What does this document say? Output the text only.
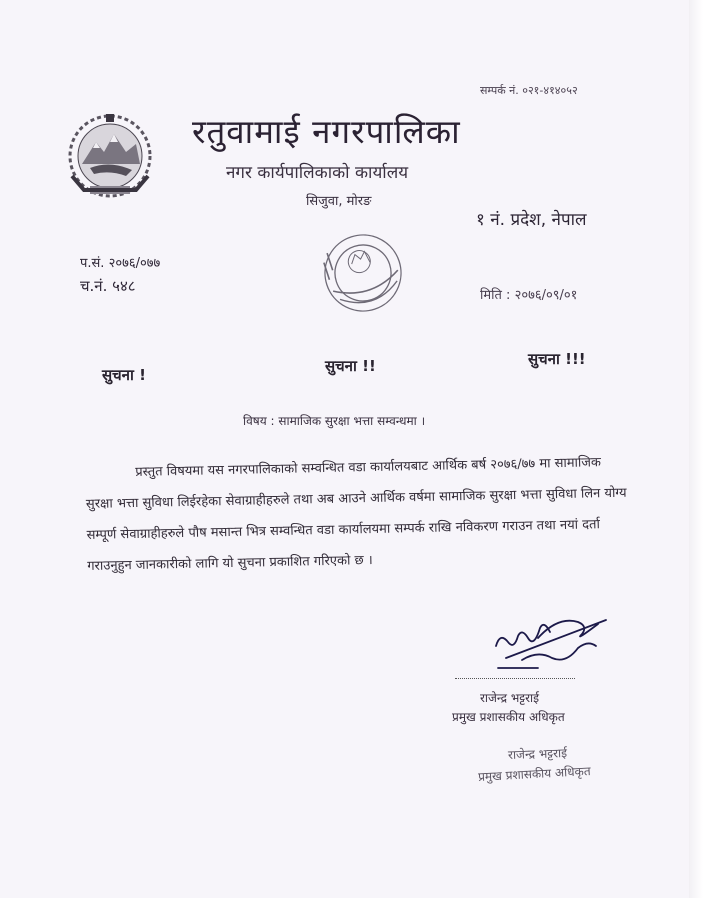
सम्पर्क नं. ०२१-४१४०५२
रतुवामाई नगरपालिका
नगर कार्यपालिकाको कार्यालय
सिजुवा, मोरङ
१ नं. प्रदेश, नेपाल
प.सं. २०७६/०७७
च.नं. ५४८
मिति : २०७६/०९/०१
सुचना !	सुचना !!	सुचना !!!
विषय : सामाजिक सुरक्षा भत्ता सम्वन्धमा ।
प्रस्तुत विषयमा यस नगरपालिकाको सम्वन्धित वडा कार्यालयबाट आर्थिक बर्ष २०७६/७७ मा सामाजिक सुरक्षा भत्ता सुविधा लिईरहेका सेवाग्राहीहरुले तथा अब आउने आर्थिक वर्षमा सामाजिक सुरक्षा भत्ता सुविधा लिन योग्य सम्पूर्ण सेवाग्राहीहरुले पौष मसान्त भित्र सम्वन्धित वडा कार्यालयमा सम्पर्क राखि नविकरण गराउन तथा नयां दर्ता गराउनुहुन जानकारीको लागि यो सुचना प्रकाशित गरिएको छ ।
राजेन्द्र भट्टराई
प्रमुख प्रशासकीय अधिकृत
राजेन्द्र भट्टराई
प्रमुख प्रशासकीय अधिकृत
